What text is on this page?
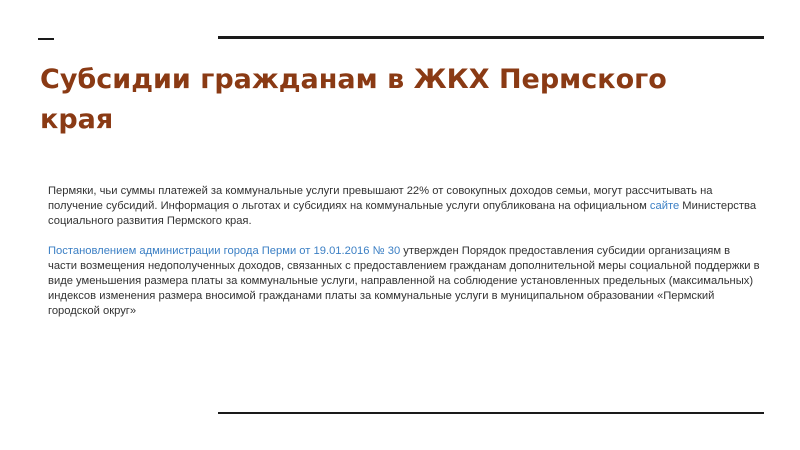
Субсидии гражданам в ЖКХ Пермского края

Пермяки, чьи суммы платежей за коммунальные услуги превышают 22% от совокупных доходов семьи, могут рассчитывать на получение субсидий. Информация о льготах и субсидиях на коммунальные услуги опубликована на официальном сайте Министерства социального развития Пермского края.

Постановлением администрации города Перми от 19.01.2016 № 30 утвержден Порядок предоставления субсидии организациям в части возмещения недополученных доходов, связанных с предоставлением гражданам дополнительной меры социальной поддержки в виде уменьшения размера платы за коммунальные услуги, направленной на соблюдение установленных предельных (максимальных) индексов изменения размера вносимой гражданами платы за коммунальные услуги в муниципальном образовании «Пермский городской округ»
